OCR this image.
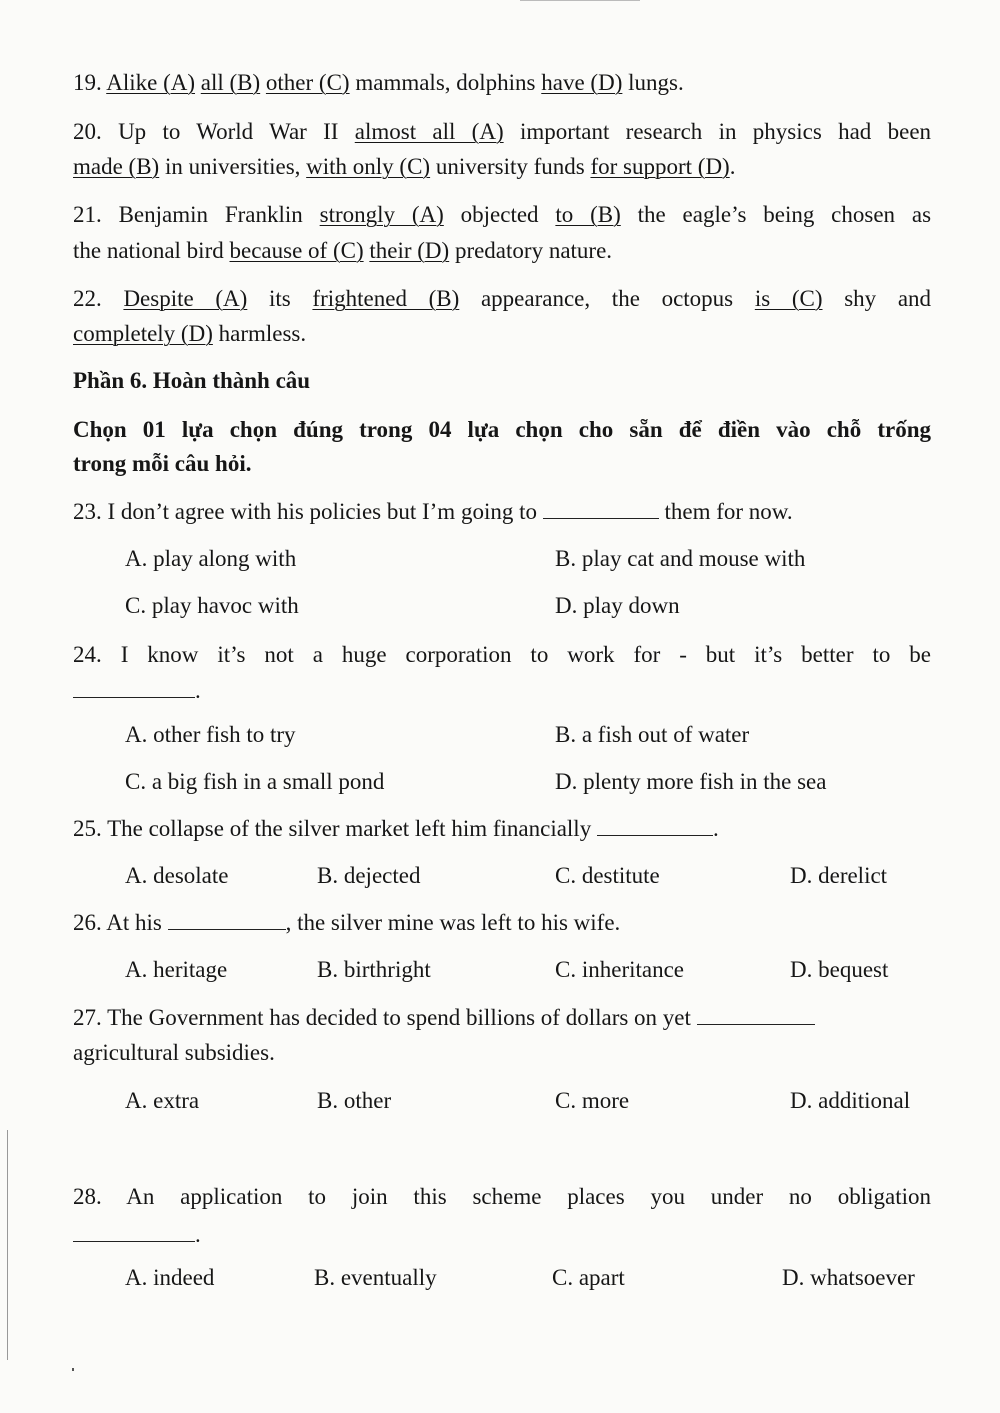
19. Alike (A) all (B) other (C) mammals, dolphins have (D) lungs.
20. Up to World War II almost all (A) important research in physics had been
made (B) in universities, with only (C) university funds for support (D).
21. Benjamin Franklin strongly (A) objected to (B) the eagle’s being chosen as
the national bird because of (C) their (D) predatory nature.
22. Despite (A) its frightened (B) appearance, the octopus is (C) shy and
completely (D) harmless.
Phần 6. Hoàn thành câu
Chọn 01 lựa chọn đúng trong 04 lựa chọn cho sẵn để điền vào chỗ trống
trong mỗi câu hỏi.
23. I don’t agree with his policies but I’m going to	them for now.
A. play along with	B. play cat and mouse with
C. play havoc with	D. play down
24. I know it’s not a huge corporation to work for - but it’s better to be
.
A. other fish to try	B. a fish out of water
C. a big fish in a small pond	D. plenty more fish in the sea
25. The collapse of the silver market left him financially	.
A. desolate	B. dejected	C. destitute	D. derelict
26. At his	, the silver mine was left to his wife.
A. heritage	B. birthright	C. inheritance	D. bequest
27. The Government has decided to spend billions of dollars on yet
agricultural subsidies.
A. extra	B. other	C. more	D. additional
28. An application to join this scheme places you under no obligation
.
A. indeed	B. eventually	C. apart	D. whatsoever
